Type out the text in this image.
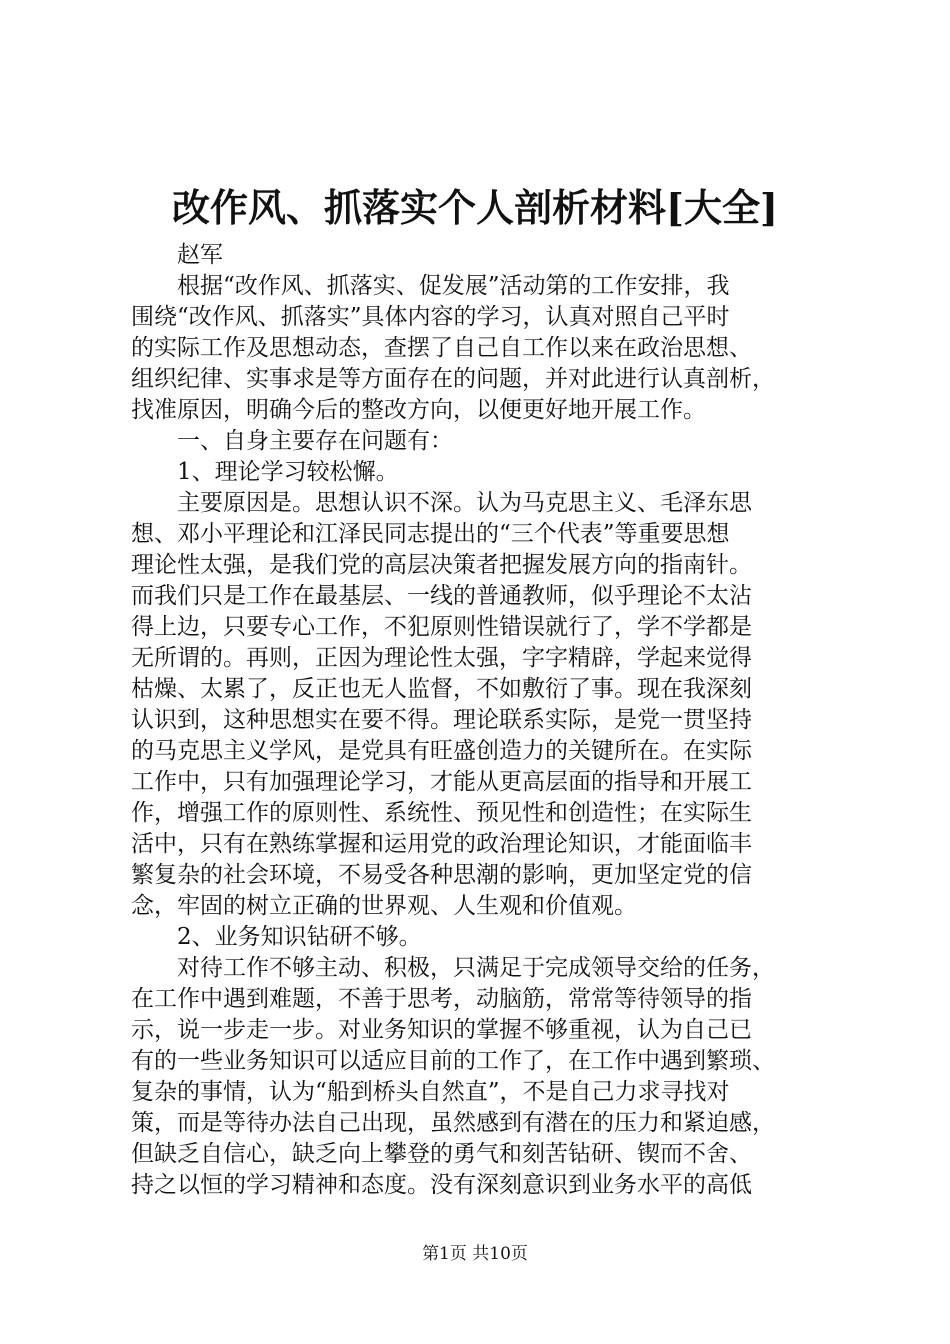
改作风、抓落实个人剖析材料[大全]
赵军
根据“改作风、抓落实、促发展”活动第的工作安排，我
围绕“改作风、抓落实”具体内容的学习，认真对照自己平时
的实际工作及思想动态，查摆了自己自工作以来在政治思想、
组织纪律、实事求是等方面存在的问题，并对此进行认真剖析，
找准原因，明确今后的整改方向，以便更好地开展工作。
一、自身主要存在问题有：
1、理论学习较松懈。
主要原因是。思想认识不深。认为马克思主义、毛泽东思
想、邓小平理论和江泽民同志提出的“三个代表”等重要思想
理论性太强，是我们党的高层决策者把握发展方向的指南针。
而我们只是工作在最基层、一线的普通教师，似乎理论不太沾
得上边，只要专心工作，不犯原则性错误就行了，学不学都是
无所谓的。再则，正因为理论性太强，字字精辟，学起来觉得
枯燥、太累了，反正也无人监督，不如敷衍了事。现在我深刻
认识到，这种思想实在要不得。理论联系实际，是党一贯坚持
的马克思主义学风，是党具有旺盛创造力的关键所在。在实际
工作中，只有加强理论学习，才能从更高层面的指导和开展工
作，增强工作的原则性、系统性、预见性和创造性；在实际生
活中，只有在熟练掌握和运用党的政治理论知识，才能面临丰
繁复杂的社会环境，不易受各种思潮的影响，更加坚定党的信
念，牢固的树立正确的世界观、人生观和价值观。
2、业务知识钻研不够。
对待工作不够主动、积极，只满足于完成领导交给的任务，
在工作中遇到难题，不善于思考，动脑筋，常常等待领导的指
示，说一步走一步。对业务知识的掌握不够重视，认为自己已
有的一些业务知识可以适应目前的工作了，在工作中遇到繁琐、
复杂的事情，认为“船到桥头自然直”，不是自己力求寻找对
策，而是等待办法自己出现，虽然感到有潜在的压力和紧迫感，
但缺乏自信心，缺乏向上攀登的勇气和刻苦钻研、锲而不舍、
持之以恒的学习精神和态度。没有深刻意识到业务水平的高低
第1页 共10页
